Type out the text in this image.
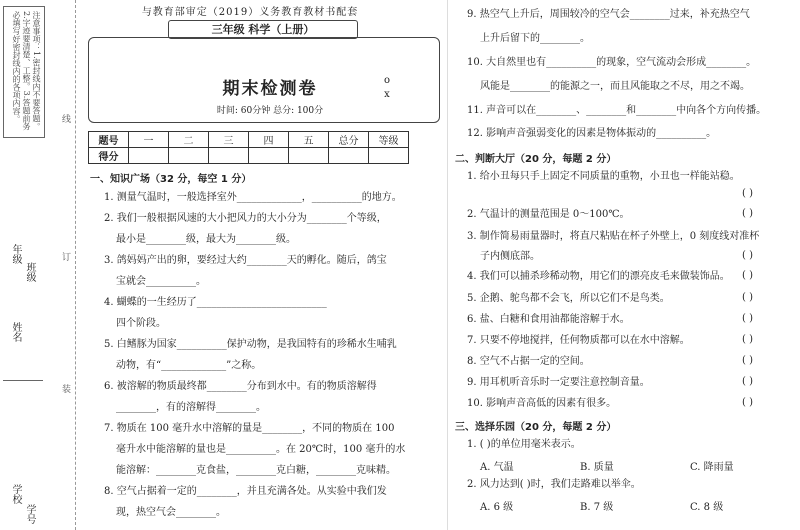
注意事项：1.密封线内不要答题。2.字迹要清楚、工整。3.答题前务必填写好密封线内的各项内容。
年级
班级
姓名
学校
学号
线
订
装
与教育部审定（2019）义务教育教材书配套
三年级 科学（上册）
期末检测卷
时间: 60分钟 总分: 100分
o
x
题号	一	二	三	四	五	总分	等级
得分							
一、知识广场（32 分，每空 1 分）
1. 测量气温时，一般选择室外_____________，__________的地方。
2. 我们一般根据风速的大小把风力的大小分为________个等级，
最小是________级，最大为________级。
3. 鸽妈妈产出的卵，要经过大约________天的孵化。随后，鸽宝
宝就会__________。
4. 蝴蝶的一生经历了__________________________
四个阶段。
5. 白鳍豚为国家__________保护动物，是我国特有的珍稀水生哺乳
动物，有“_____________”之称。
6. 被溶解的物质最终都________分布到水中。有的物质溶解得
________，有的溶解得________。
7. 物质在 100 毫升水中溶解的量是________，不同的物质在 100
毫升水中能溶解的量也是__________。在 20℃时，100 毫升的水
能溶解：________克食盐，________克白糖，________克味精。
8. 空气占据着一定的________，并且充满各处。从实验中我们发
现，热空气会________。
9. 热空气上升后，周围较冷的空气会________过来，补充热空气
上升后留下的________。
10. 大自然里也有__________的现象，空气流动会形成________。
风能是________的能源之一，而且风能取之不尽，用之不竭。
11. 声音可以在________、________和________中向各个方向传播。
12. 影响声音强弱变化的因素是物体振动的__________。
二、判断大厅（20 分，每题 2 分）
1. 给小丑每只手上固定不同质量的重物，小丑也一样能站稳。
( )
2. 气温计的测量范围是 0～100℃。	( )
3. 制作简易雨量器时，将直尺粘贴在杯子外壁上，0 刻度线对准杯
子内侧底部。	( )
4. 我们可以捕杀珍稀动物，用它们的漂亮皮毛来做装饰品。 ( )
5. 企鹅、鸵鸟都不会飞，所以它们不是鸟类。	( )
6. 盐、白糖和食用油都能溶解于水。	( )
7. 只要不停地搅拌，任何物质都可以在水中溶解。	( )
8. 空气不占据一定的空间。	( )
9. 用耳机听音乐时一定要注意控制音量。	( )
10. 影响声音高低的因素有很多。	( )
三、选择乐园（20 分，每题 2 分）
1. ( )的单位用毫米表示。
A. 气温	B. 质量	C. 降雨量
2. 风力达到( )时，我们走路难以举伞。
A. 6 级	B. 7 级	C. 8 级
